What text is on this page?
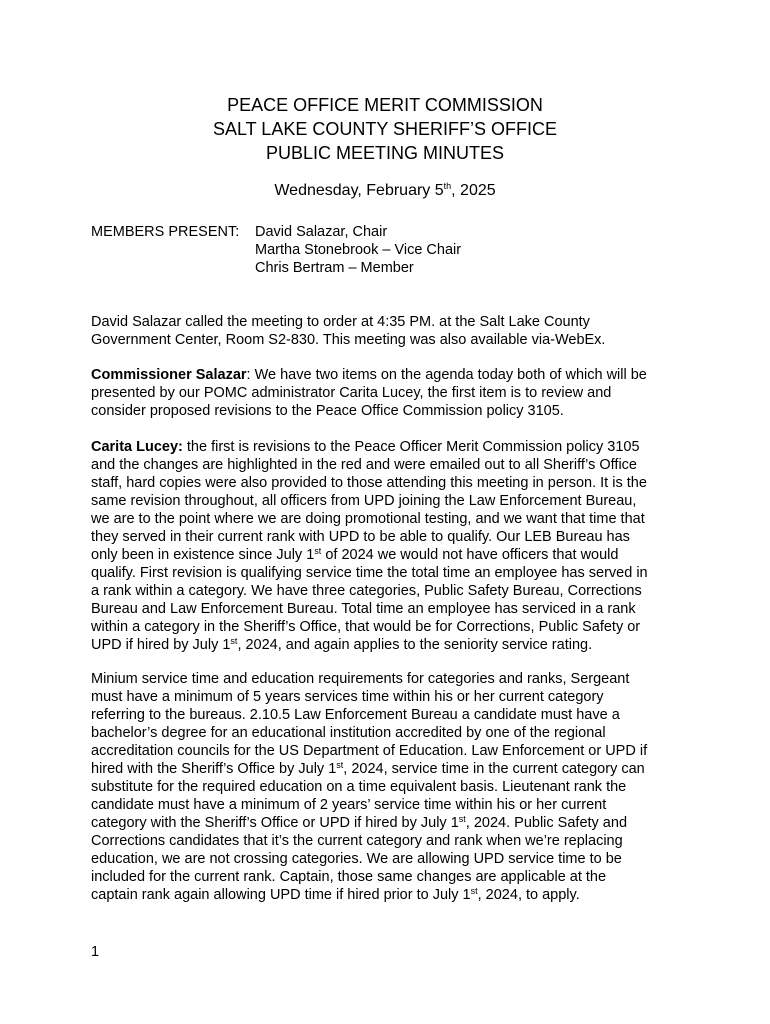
PEACE OFFICE MERIT COMMISSION
SALT LAKE COUNTY SHERIFF’S OFFICE
PUBLIC MEETING MINUTES
Wednesday, February 5th, 2025
MEMBERS PRESENT: David Salazar, Chair
Martha Stonebrook – Vice Chair
Chris Bertram – Member
David Salazar called the meeting to order at 4:35 PM. at the Salt Lake County
Government Center, Room S2-830. This meeting was also available via-WebEx.
Commissioner Salazar: We have two items on the agenda today both of which will be
presented by our POMC administrator Carita Lucey, the first item is to review and
consider proposed revisions to the Peace Office Commission policy 3105.
Carita Lucey: the first is revisions to the Peace Officer Merit Commission policy 3105
and the changes are highlighted in the red and were emailed out to all Sheriff’s Office
staff, hard copies were also provided to those attending this meeting in person. It is the
same revision throughout, all officers from UPD joining the Law Enforcement Bureau,
we are to the point where we are doing promotional testing, and we want that time that
they served in their current rank with UPD to be able to qualify. Our LEB Bureau has
only been in existence since July 1st of 2024 we would not have officers that would
qualify. First revision is qualifying service time the total time an employee has served in
a rank within a category. We have three categories, Public Safety Bureau, Corrections
Bureau and Law Enforcement Bureau. Total time an employee has serviced in a rank
within a category in the Sheriff’s Office, that would be for Corrections, Public Safety or
UPD if hired by July 1st, 2024, and again applies to the seniority service rating.
Minium service time and education requirements for categories and ranks, Sergeant
must have a minimum of 5 years services time within his or her current category
referring to the bureaus. 2.10.5 Law Enforcement Bureau a candidate must have a
bachelor’s degree for an educational institution accredited by one of the regional
accreditation councils for the US Department of Education. Law Enforcement or UPD if
hired with the Sheriff’s Office by July 1st, 2024, service time in the current category can
substitute for the required education on a time equivalent basis. Lieutenant rank the
candidate must have a minimum of 2 years’ service time within his or her current
category with the Sheriff’s Office or UPD if hired by July 1st, 2024. Public Safety and
Corrections candidates that it’s the current category and rank when we’re replacing
education, we are not crossing categories. We are allowing UPD service time to be
included for the current rank. Captain, those same changes are applicable at the
captain rank again allowing UPD time if hired prior to July 1st, 2024, to apply.
1
